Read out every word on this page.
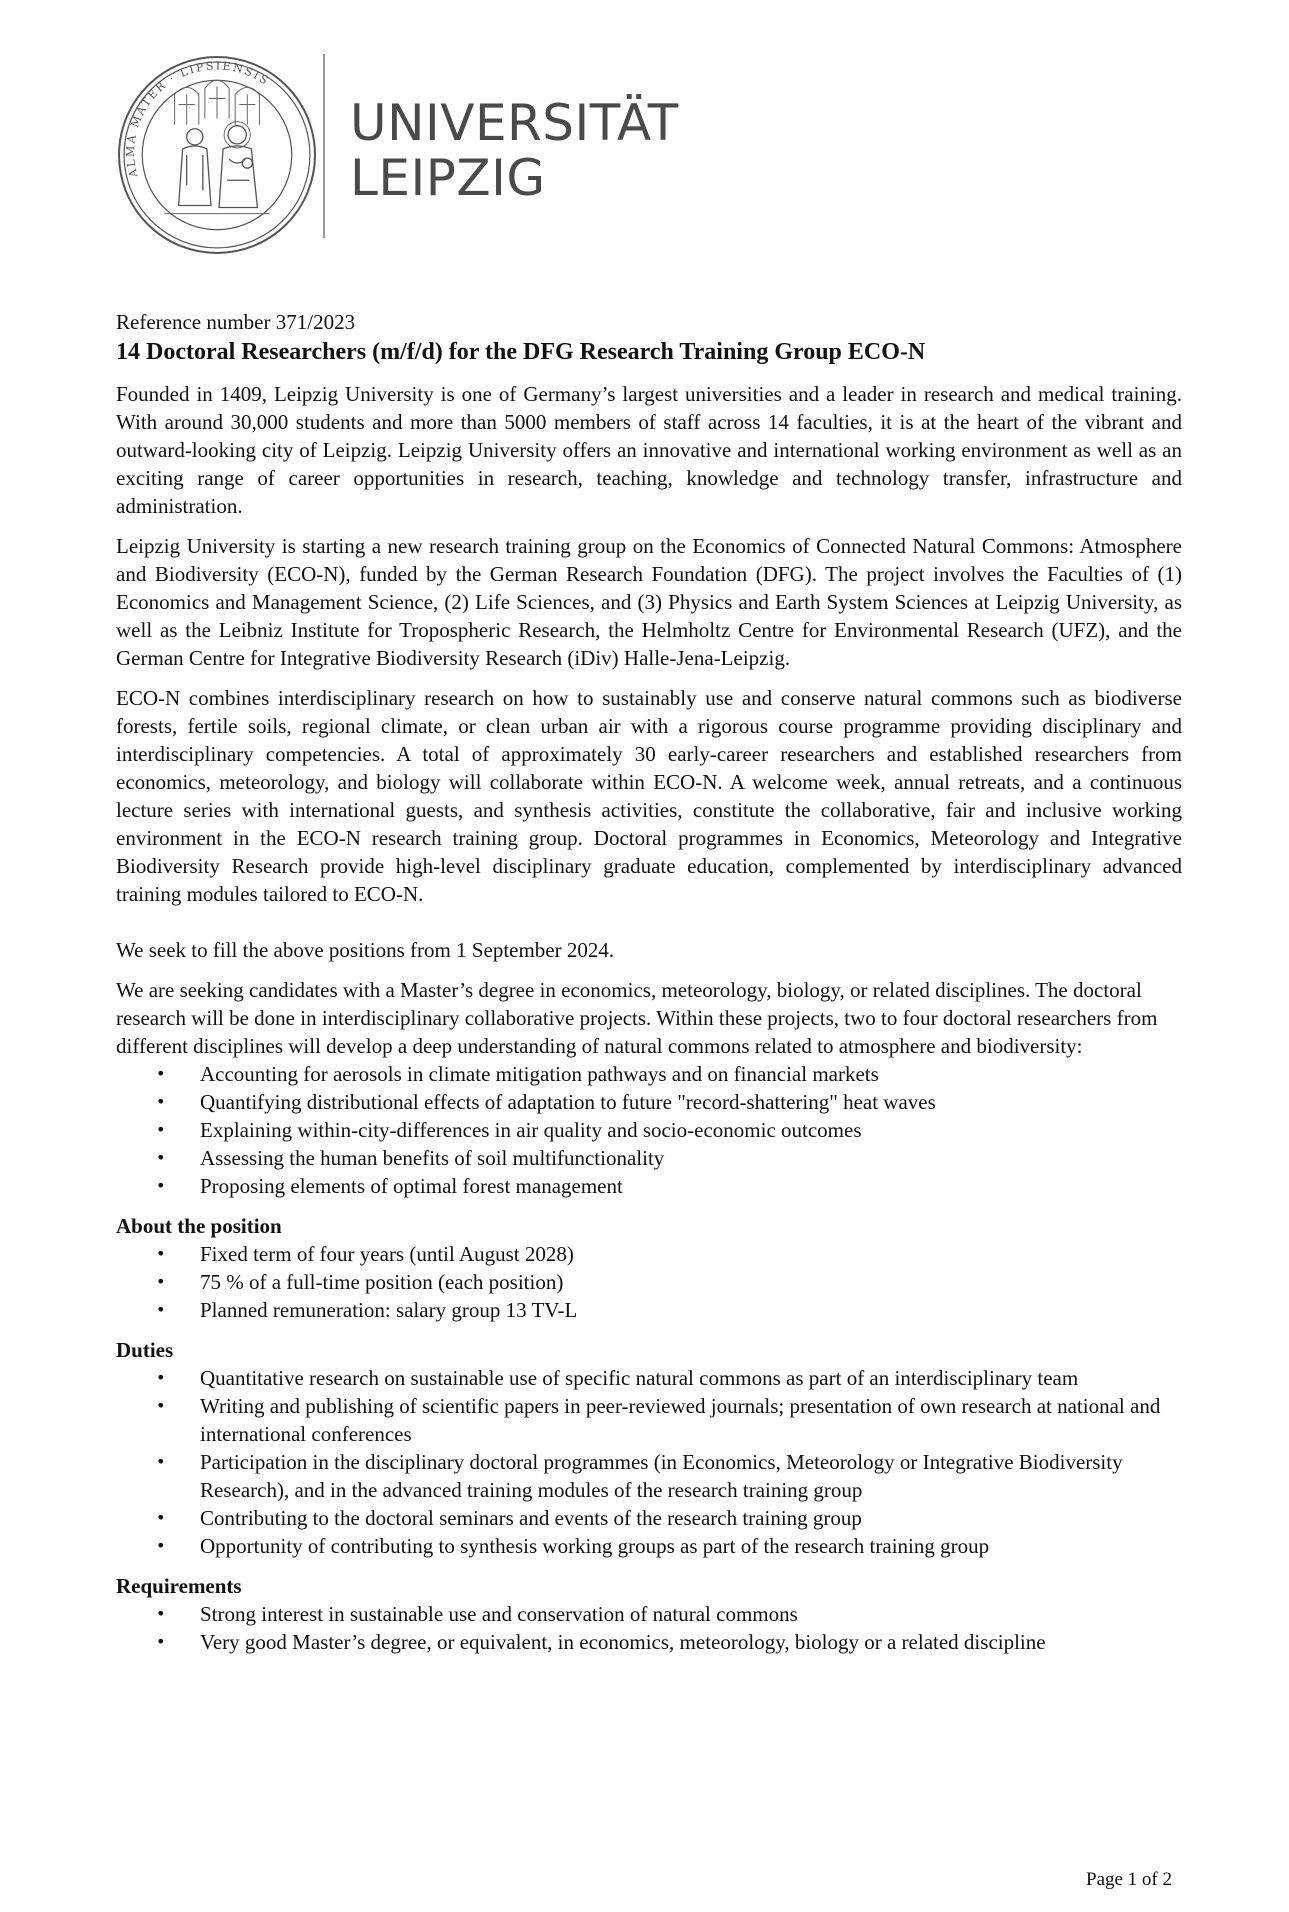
ALMA MATER · LIPSIENSIS
UNIVERSITÄT
LEIPZIG
Reference number 371/2023
14 Doctoral Researchers (m/f/d) for the DFG Research Training Group ECO-N

Founded in 1409, Leipzig University is one of Germany’s largest universities and a leader in research and medical training. With around 30,000 students and more than 5000 members of staff across 14 faculties, it is at the heart of the vibrant and outward-looking city of Leipzig. Leipzig University offers an innovative and international working environment as well as an exciting range of career opportunities in research, teaching, knowledge and technology transfer, infrastructure and administration.

Leipzig University is starting a new research training group on the Economics of Connected Natural Commons: Atmosphere and Biodiversity (ECO-N), funded by the German Research Foundation (DFG). The project involves the Faculties of (1) Economics and Management Science, (2) Life Sciences, and (3) Physics and Earth System Sciences at Leipzig University, as well as the Leibniz Institute for Tropospheric Research, the Helmholtz Centre for Environmental Research (UFZ), and the German Centre for Integrative Biodiversity Research (iDiv) Halle-Jena-Leipzig.

ECO-N combines interdisciplinary research on how to sustainably use and conserve natural commons such as biodiverse forests, fertile soils, regional climate, or clean urban air with a rigorous course programme providing disciplinary and interdisciplinary competencies. A total of approximately 30 early-career researchers and established researchers from economics, meteorology, and biology will collaborate within ECO-N. A welcome week, annual retreats, and a continuous lecture series with international guests, and synthesis activities, constitute the collaborative, fair and inclusive working environment in the ECO-N research training group. Doctoral programmes in Economics, Meteorology and Integrative Biodiversity Research provide high-level disciplinary graduate education, complemented by interdisciplinary advanced training modules tailored to ECO-N.

We seek to fill the above positions from 1 September 2024.

We are seeking candidates with a Master’s degree in economics, meteorology, biology, or related disciplines. The doctoral research will be done in interdisciplinary collaborative projects. Within these projects, two to four doctoral researchers from different disciplines will develop a deep understanding of natural commons related to atmosphere and biodiversity:

• Accounting for aerosols in climate mitigation pathways and on financial markets
• Quantifying distributional effects of adaptation to future "record-shattering" heat waves
• Explaining within-city-differences in air quality and socio-economic outcomes
• Assessing the human benefits of soil multifunctionality
• Proposing elements of optimal forest management
About the position
• Fixed term of four years (until August 2028)
• 75 % of a full-time position (each position)
• Planned remuneration: salary group 13 TV-L
Duties
• Quantitative research on sustainable use of specific natural commons as part of an interdisciplinary team
• Writing and publishing of scientific papers in peer-reviewed journals; presentation of own research at national and international conferences
• Participation in the disciplinary doctoral programmes (in Economics, Meteorology or Integrative Biodiversity Research), and in the advanced training modules of the research training group
• Contributing to the doctoral seminars and events of the research training group
• Opportunity of contributing to synthesis working groups as part of the research training group
Requirements
• Strong interest in sustainable use and conservation of natural commons
• Very good Master’s degree, or equivalent, in economics, meteorology, biology or a related discipline
Page 1 of 2
